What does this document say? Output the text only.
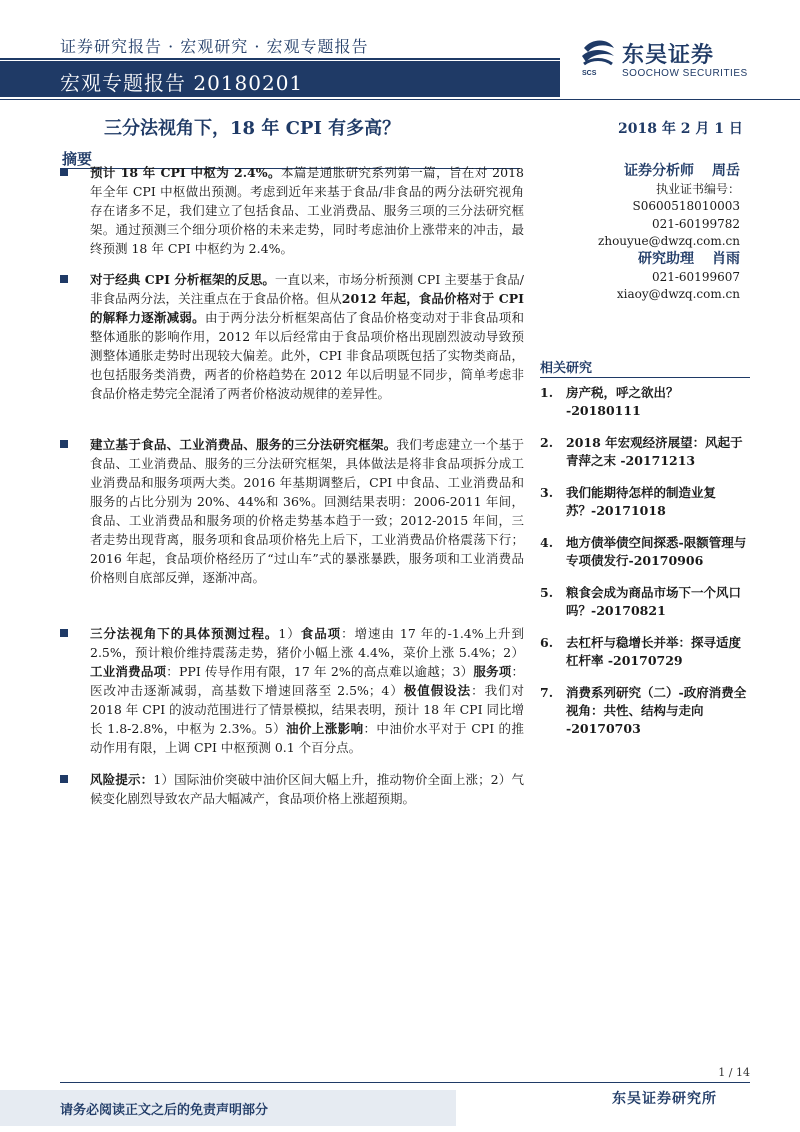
证券研究报告 · 宏观研究 · 宏观专题报告
宏观专题报告 20180201	SCS
东吴证券
SOOCHOW SECURITIES
三分法视角下，18 年 CPI 有多高？	2018 年 2 月 1 日
摘要
预计 18 年 CPI 中枢为 2.4%。本篇是通胀研究系列第一篇，旨在对 2018 年全年 CPI 中枢做出预测。考虑到近年来基于食品/非食品的两分法研究视角存在诸多不足，我们建立了包括食品、工业消费品、服务三项的三分法研究框架。通过预测三个细分项价格的未来走势，同时考虑油价上涨带来的冲击，最终预测 18 年 CPI 中枢约为 2.4%。
对于经典 CPI 分析框架的反思。一直以来，市场分析预测 CPI 主要基于食品/非食品两分法，关注重点在于食品价格。但从2012 年起，食品价格对于 CPI 的解释力逐渐减弱。由于两分法分析框架高估了食品价格变动对于非食品项和整体通胀的影响作用，2012 年以后经常由于食品项价格出现剧烈波动导致预测整体通胀走势时出现较大偏差。此外，CPI 非食品项既包括了实物类商品，也包括服务类消费，两者的价格趋势在 2012 年以后明显不同步，简单考虑非食品价格走势完全混淆了两者价格波动规律的差异性。
建立基于食品、工业消费品、服务的三分法研究框架。我们考虑建立一个基于食品、工业消费品、服务的三分法研究框架，具体做法是将非食品项拆分成工业消费品和服务项两大类。2016 年基期调整后，CPI 中食品、工业消费品和服务的占比分别为 20%、44%和 36%。回测结果表明：2006-2011 年间，食品、工业消费品和服务项的价格走势基本趋于一致；2012-2015 年间，三者走势出现背离，服务项和食品项价格先上后下，工业消费品价格震荡下行；2016 年起，食品项价格经历了“过山车”式的暴涨暴跌，服务项和工业消费品价格则自底部反弹，逐渐冲高。
三分法视角下的具体预测过程。1）食品项：增速由 17 年的-1.4%上升到 2.5%，预计粮价维持震荡走势，猪价小幅上涨 4.4%，菜价上涨 5.4%；2）工业消费品项：PPI 传导作用有限，17 年 2%的高点难以逾越；3）服务项：医改冲击逐渐减弱，高基数下增速回落至 2.5%；4）极值假设法：我们对 2018 年 CPI 的波动范围进行了情景模拟，结果表明，预计 18 年 CPI 同比增长 1.8-2.8%，中枢为 2.3%。5）油价上涨影响：中油价水平对于 CPI 的推动作用有限，上调 CPI 中枢预测 0.1 个百分点。
风险提示：1）国际油价突破中油价区间大幅上升，推动物价全面上涨；2）气候变化剧烈导致农产品大幅减产，食品项价格上涨超预期。
证券分析师 周岳
执业证书编号：
S0600518010003
021-60199782
zhouyue@dwzq.com.cn
研究助理 肖雨
021-60199607
xiaoy@dwzq.com.cn
相关研究
1. 房产税，呼之欲出？ -20180111
2. 2018 年宏观经济展望：风起于青萍之末 -20171213
3. 我们能期待怎样的制造业复苏？-20171018
4. 地方债举债空间探悉-限额管理与专项债发行-20170906
5. 粮食会成为商品市场下一个风口吗？-20170821
6. 去杠杆与稳增长并举：探寻适度杠杆率 -20170729
7. 消费系列研究（二）-政府消费全视角：共性、结构与走向 -20170703
1 / 14
请务必阅读正文之后的免责声明部分
东吴证券研究所
